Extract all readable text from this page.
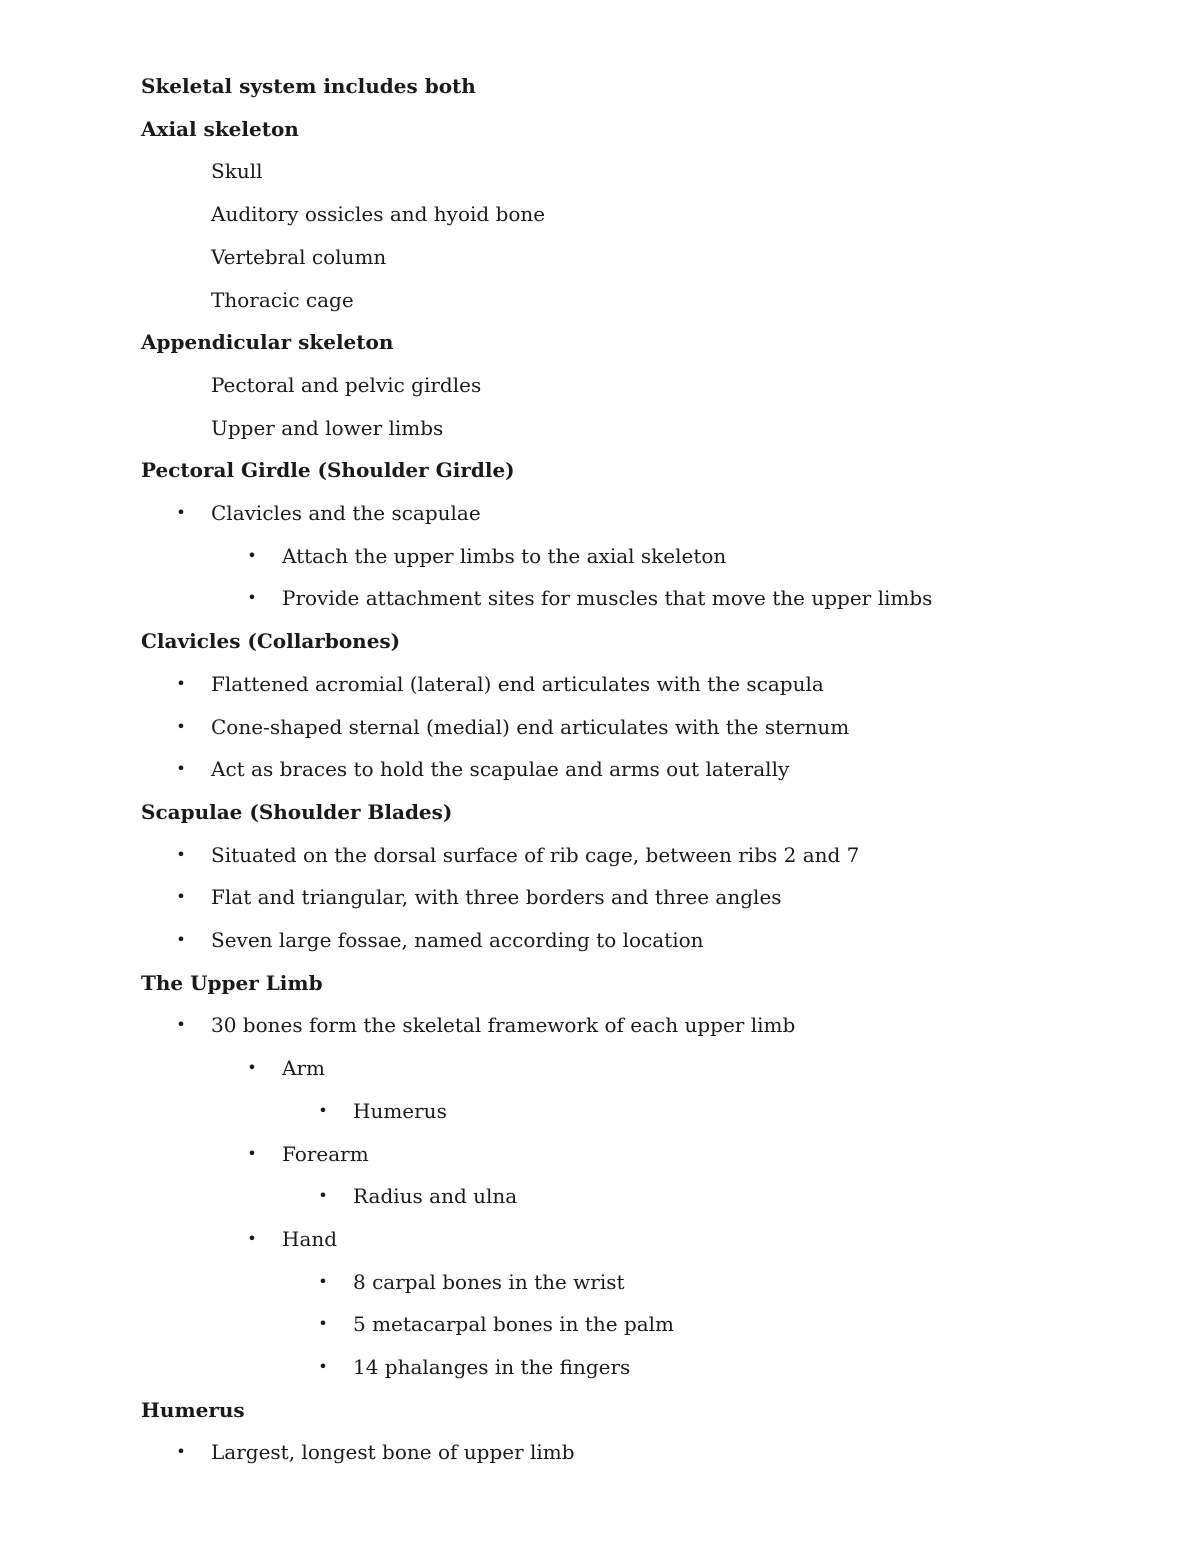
Skeletal system includes both
Axial skeleton
Skull
Auditory ossicles and hyoid bone
Vertebral column
Thoracic cage
Appendicular skeleton
Pectoral and pelvic girdles
Upper and lower limbs
Pectoral Girdle (Shoulder Girdle)
• Clavicles and the scapulae
• Attach the upper limbs to the axial skeleton
• Provide attachment sites for muscles that move the upper limbs
Clavicles (Collarbones)
• Flattened acromial (lateral) end articulates with the scapula
• Cone-shaped sternal (medial) end articulates with the sternum
• Act as braces to hold the scapulae and arms out laterally
Scapulae (Shoulder Blades)
• Situated on the dorsal surface of rib cage, between ribs 2 and 7
• Flat and triangular, with three borders and three angles
• Seven large fossae, named according to location
The Upper Limb
• 30 bones form the skeletal framework of each upper limb
• Arm
• Humerus
• Forearm
• Radius and ulna
• Hand
• 8 carpal bones in the wrist
• 5 metacarpal bones in the palm
• 14 phalanges in the fingers
Humerus
• Largest, longest bone of upper limb
